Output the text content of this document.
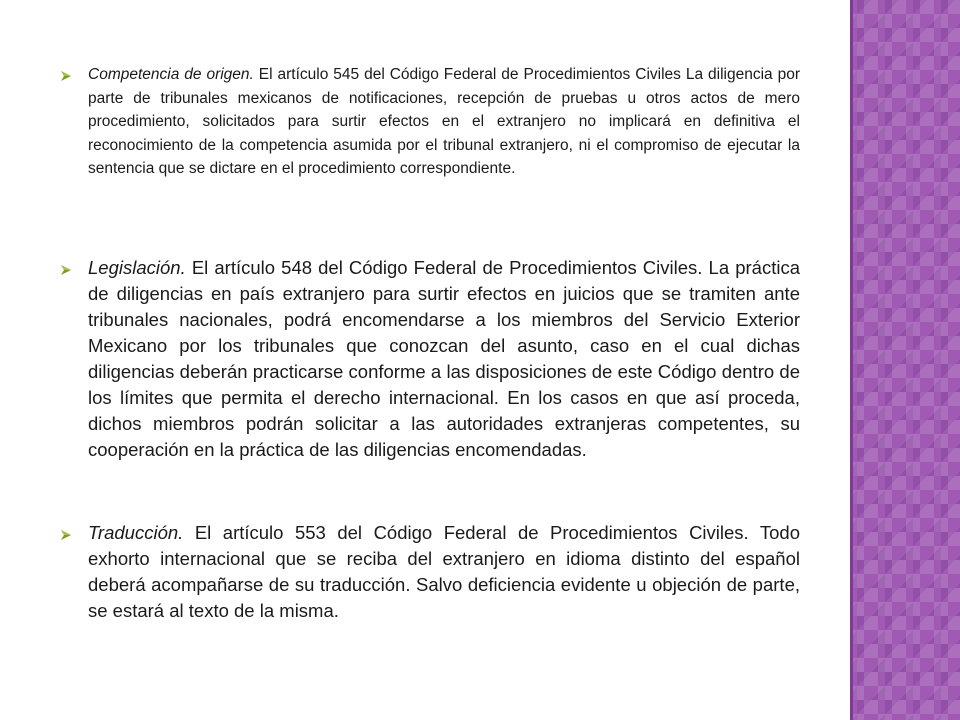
Competencia de origen. El artículo 545 del Código Federal de Procedimientos Civiles La diligencia por parte de tribunales mexicanos de notificaciones, recepción de pruebas u otros actos de mero procedimiento, solicitados para surtir efectos en el extranjero no implicará en definitiva el reconocimiento de la competencia asumida por el tribunal extranjero, ni el compromiso de ejecutar la sentencia que se dictare en el procedimiento correspondiente.
Legislación. El artículo 548 del Código Federal de Procedimientos Civiles. La práctica de diligencias en país extranjero para surtir efectos en juicios que se tramiten ante tribunales nacionales, podrá encomendarse a los miembros del Servicio Exterior Mexicano por los tribunales que conozcan del asunto, caso en el cual dichas diligencias deberán practicarse conforme a las disposiciones de este Código dentro de los límites que permita el derecho internacional. En los casos en que así proceda, dichos miembros podrán solicitar a las autoridades extranjeras competentes, su cooperación en la práctica de las diligencias encomendadas.
Traducción. El artículo 553 del Código Federal de Procedimientos Civiles. Todo exhorto internacional que se reciba del extranjero en idioma distinto del español deberá acompañarse de su traducción. Salvo deficiencia evidente u objeción de parte, se estará al texto de la misma.
